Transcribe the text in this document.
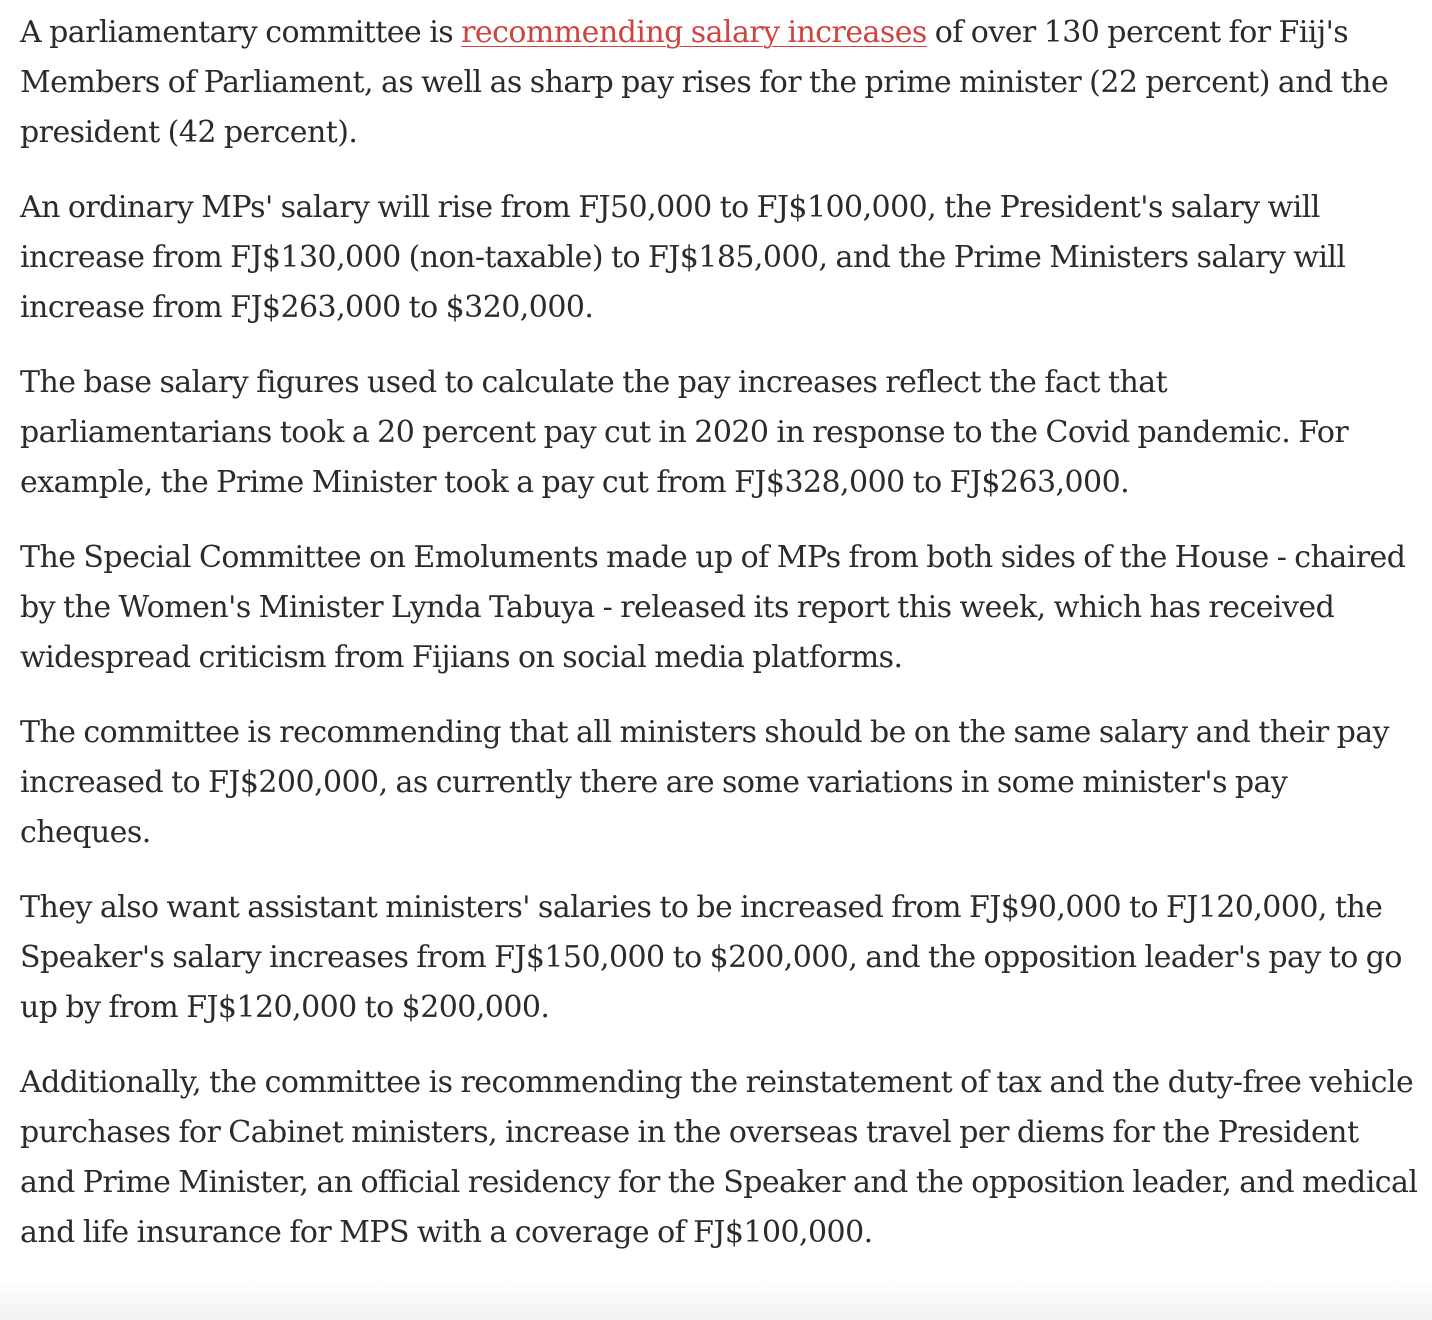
A parliamentary committee is recommending salary increases of over 130 percent for Fiij's Members of Parliament, as well as sharp pay rises for the prime minister (22 percent) and the president (42 percent).

An ordinary MPs' salary will rise from FJ50,000 to FJ$100,000, the President's salary will increase from FJ$130,000 (non-taxable) to FJ$185,000, and the Prime Ministers salary will increase from FJ$263,000 to $320,000.

The base salary figures used to calculate the pay increases reflect the fact that parliamentarians took a 20 percent pay cut in 2020 in response to the Covid pandemic. For example, the Prime Minister took a pay cut from FJ$328,000 to FJ$263,000.

The Special Committee on Emoluments made up of MPs from both sides of the House - chaired by the Women's Minister Lynda Tabuya - released its report this week, which has received widespread criticism from Fijians on social media platforms.

The committee is recommending that all ministers should be on the same salary and their pay increased to FJ$200,000, as currently there are some variations in some minister's pay cheques.

They also want assistant ministers' salaries to be increased from FJ$90,000 to FJ120,000, the Speaker's salary increases from FJ$150,000 to $200,000, and the opposition leader's pay to go up by from FJ$120,000 to $200,000.

Additionally, the committee is recommending the reinstatement of tax and the duty-free vehicle purchases for Cabinet ministers, increase in the overseas travel per diems for the President and Prime Minister, an official residency for the Speaker and the opposition leader, and medical and life insurance for MPS with a coverage of FJ$100,000.
